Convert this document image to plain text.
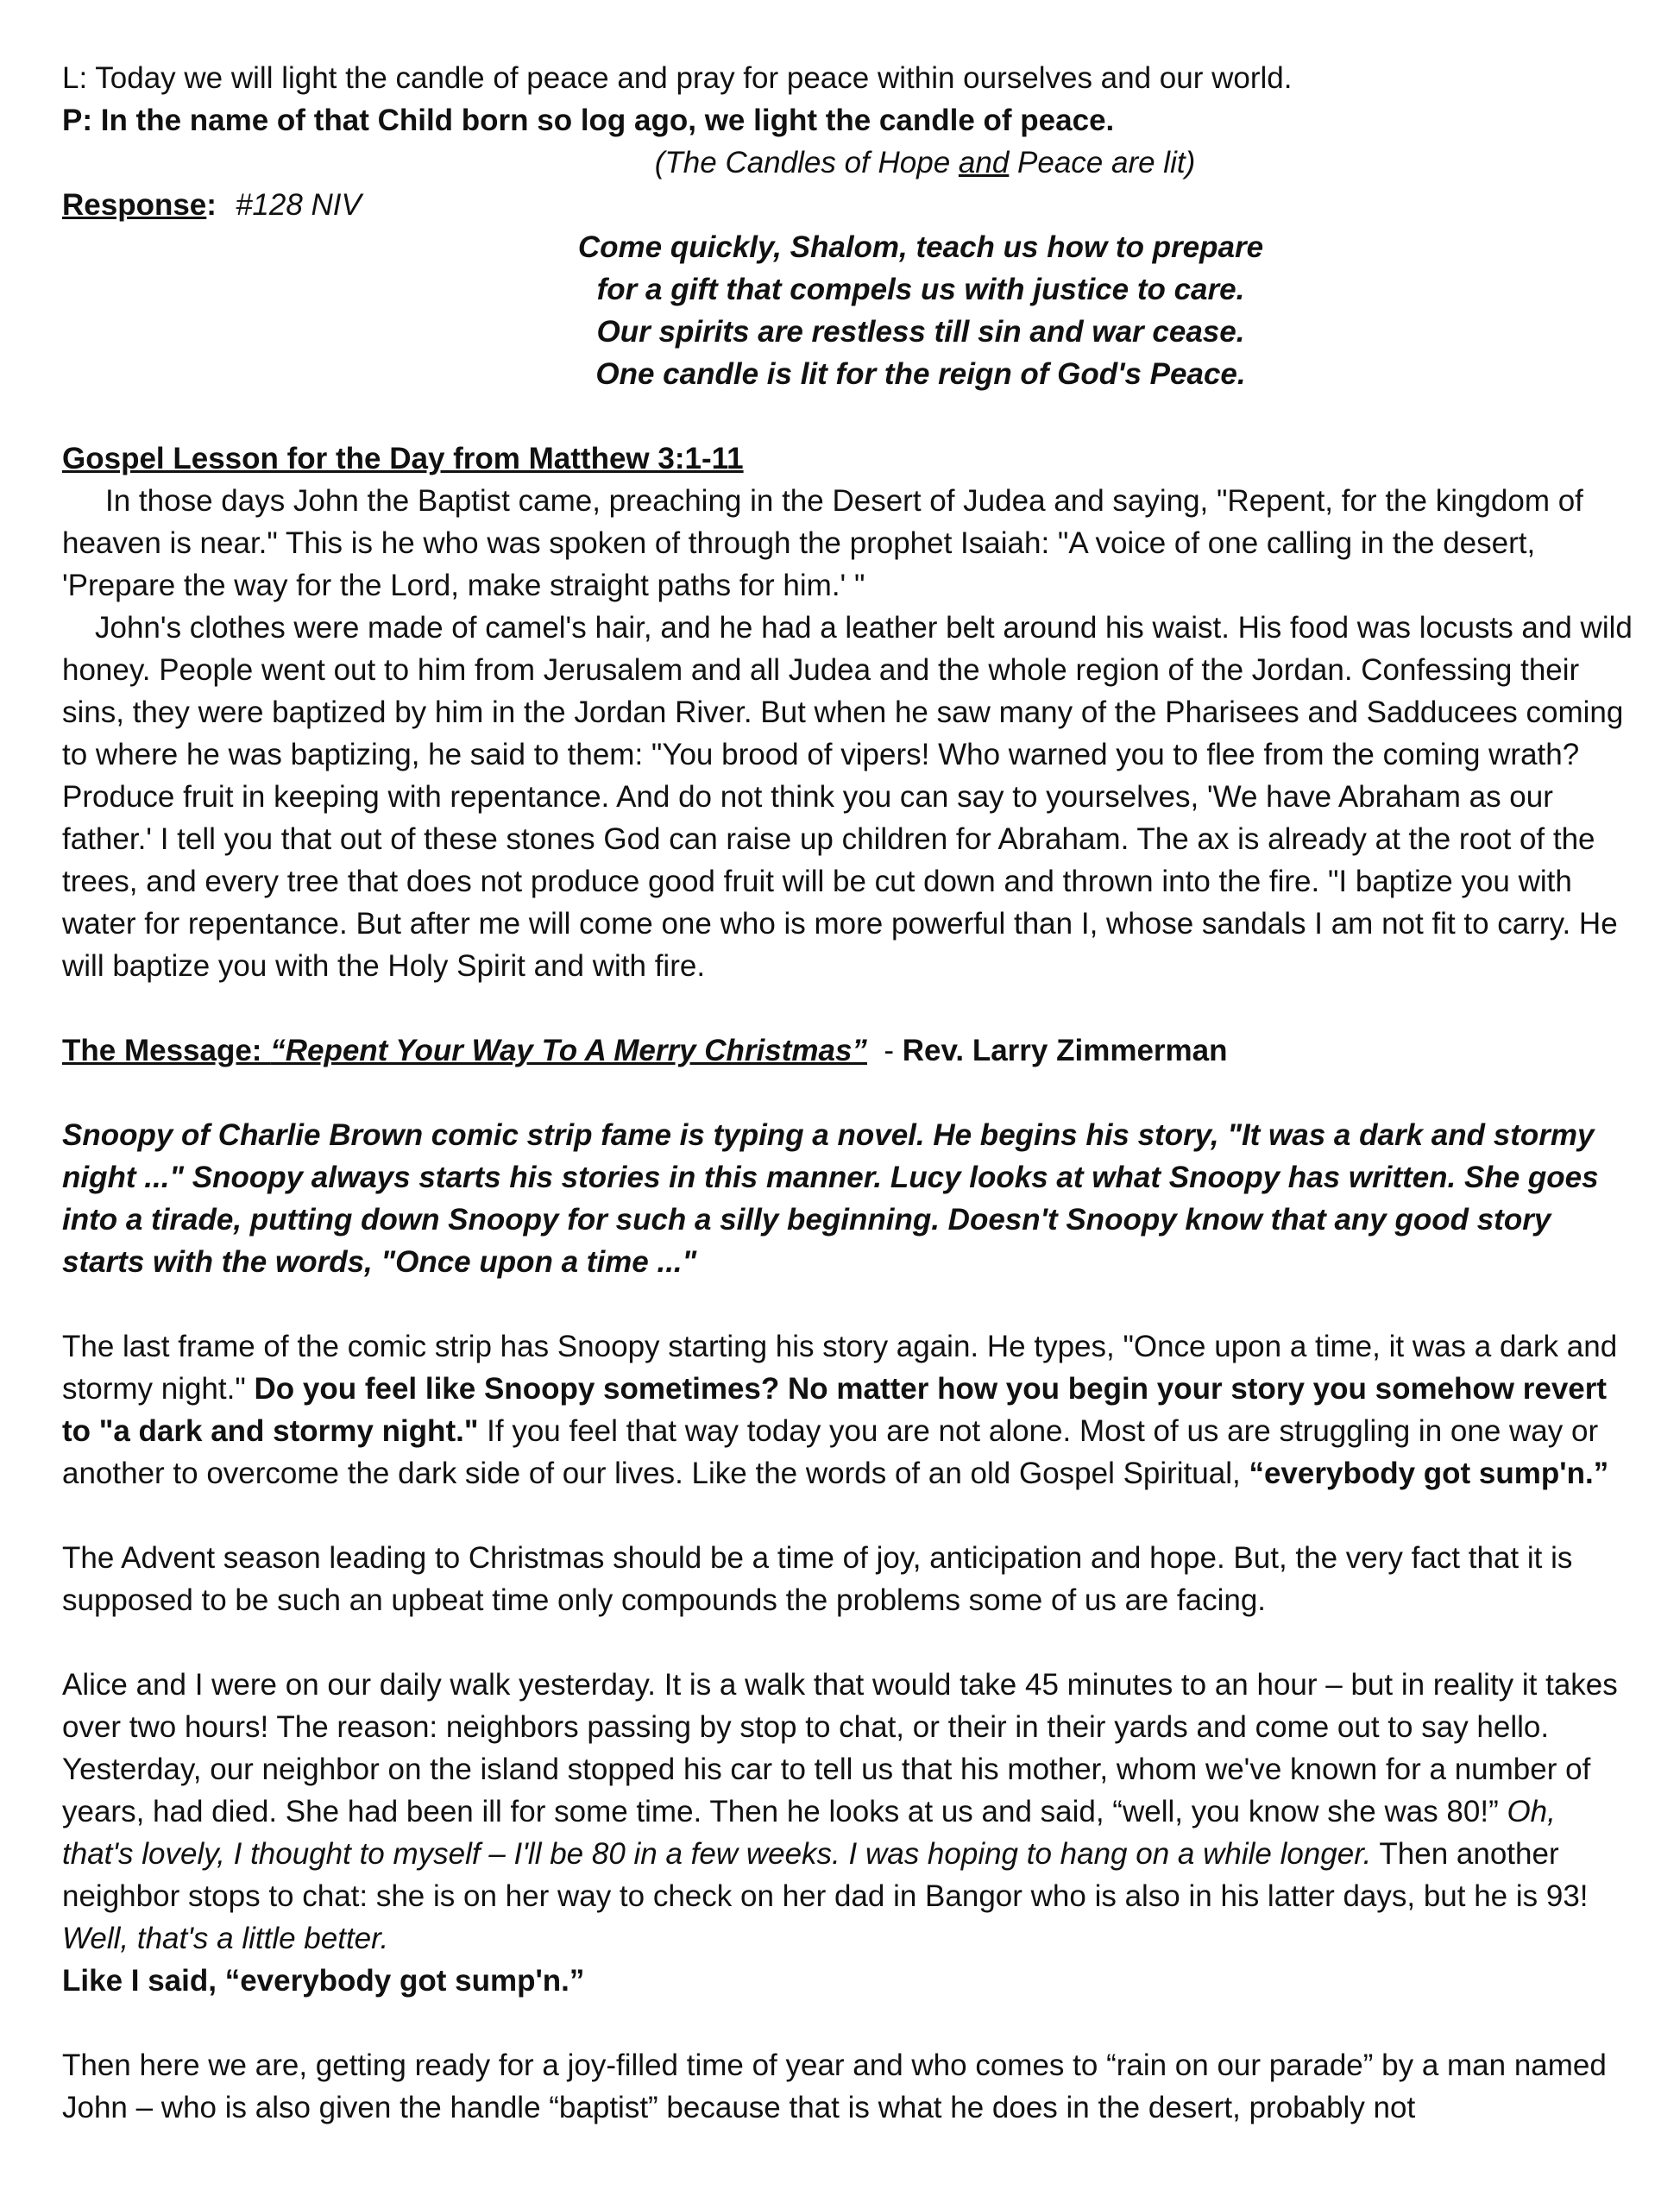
L: Today we will light the candle of peace and pray for peace within ourselves and our world.

P: In the name of that Child born so log ago, we light the candle of peace.

(The Candles of Hope and Peace are lit)

Response: #128 NIV

Come quickly, Shalom, teach us how to prepare

for a gift that compels us with justice to care.

Our spirits are restless till sin and war cease.

One candle is lit for the reign of God's Peace.

Gospel Lesson for the Day from Matthew 3:1-11

In those days John the Baptist came, preaching in the Desert of Judea and saying, "Repent, for the kingdom of heaven is near." This is he who was spoken of through the prophet Isaiah: "A voice of one calling in the desert, 'Prepare the way for the Lord, make straight paths for him.' "

John's clothes were made of camel's hair, and he had a leather belt around his waist. His food was locusts and wild honey. People went out to him from Jerusalem and all Judea and the whole region of the Jordan. Confessing their sins, they were baptized by him in the Jordan River. But when he saw many of the Pharisees and Sadducees coming to where he was baptizing, he said to them: "You brood of vipers! Who warned you to flee from the coming wrath? Produce fruit in keeping with repentance. And do not think you can say to yourselves, 'We have Abraham as our father.' I tell you that out of these stones God can raise up children for Abraham. The ax is already at the root of the trees, and every tree that does not produce good fruit will be cut down and thrown into the fire. "I baptize you with water for repentance. But after me will come one who is more powerful than I, whose sandals I am not fit to carry. He will baptize you with the Holy Spirit and with fire.

The Message: “Repent Your Way To A Merry Christmas”  - Rev. Larry Zimmerman

Snoopy of Charlie Brown comic strip fame is typing a novel. He begins his story, "It was a dark and stormy night ..." Snoopy always starts his stories in this manner. Lucy looks at what Snoopy has written. She goes into a tirade, putting down Snoopy for such a silly beginning. Doesn't Snoopy know that any good story starts with the words, "Once upon a time ..."

The last frame of the comic strip has Snoopy starting his story again. He types, "Once upon a time, it was a dark and stormy night." Do you feel like Snoopy sometimes? No matter how you begin your story you somehow revert to "a dark and stormy night." If you feel that way today you are not alone. Most of us are struggling in one way or another to overcome the dark side of our lives. Like the words of an old Gospel Spiritual, “everybody got sump'n.”

The Advent season leading to Christmas should be a time of joy, anticipation and hope. But, the very fact that it is supposed to be such an upbeat time only compounds the problems some of us are facing.

Alice and I were on our daily walk yesterday. It is a walk that would take 45 minutes to an hour – but in reality it takes over two hours! The reason: neighbors passing by stop to chat, or their in their yards and come out to say hello. Yesterday, our neighbor on the island stopped his car to tell us that his mother, whom we've known for a number of years, had died. She had been ill for some time. Then he looks at us and said, “well, you know she was 80!” Oh, that's lovely, I thought to myself – I'll be 80 in a few weeks. I was hoping to hang on a while longer. Then another neighbor stops to chat: she is on her way to check on her dad in Bangor who is also in his latter days, but he is 93! Well, that's a little better.

Like I said, “everybody got sump'n.”

Then here we are, getting ready for a joy-filled time of year and who comes to “rain on our parade” by a man named John – who is also given the handle “baptist” because that is what he does in the desert, probably not
